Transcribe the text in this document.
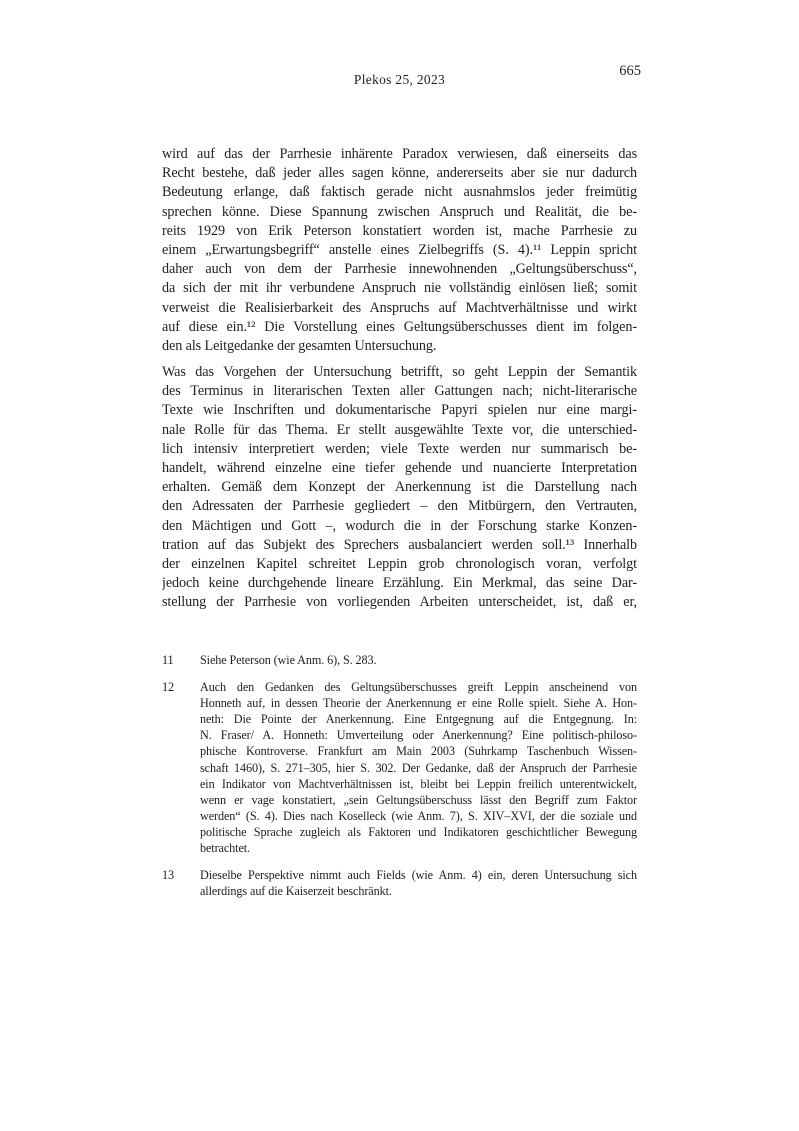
Plekos 25, 2023
665
wird auf das der Parrhesie inhärente Paradox verwiesen, daß einerseits das
Recht bestehe, daß jeder alles sagen könne, andererseits aber sie nur dadurch
Bedeutung erlange, daß faktisch gerade nicht ausnahmslos jeder freimütig
sprechen könne. Diese Spannung zwischen Anspruch und Realität, die be-
reits 1929 von Erik Peterson konstatiert worden ist, mache Parrhesie zu
einem „Erwartungsbegriff“ anstelle eines Zielbegriffs (S. 4).¹¹ Leppin spricht
daher auch von dem der Parrhesie innewohnenden „Geltungsüberschuss“,
da sich der mit ihr verbundene Anspruch nie vollständig einlösen ließ; somit
verweist die Realisierbarkeit des Anspruchs auf Machtverhältnisse und wirkt
auf diese ein.¹² Die Vorstellung eines Geltungsüberschusses dient im folgen-
den als Leitgedanke der gesamten Untersuchung.
Was das Vorgehen der Untersuchung betrifft, so geht Leppin der Semantik
des Terminus in literarischen Texten aller Gattungen nach; nicht-literarische
Texte wie Inschriften und dokumentarische Papyri spielen nur eine margi-
nale Rolle für das Thema. Er stellt ausgewählte Texte vor, die unterschied-
lich intensiv interpretiert werden; viele Texte werden nur summarisch be-
handelt, während einzelne eine tiefer gehende und nuancierte Interpretation
erhalten. Gemäß dem Konzept der Anerkennung ist die Darstellung nach
den Adressaten der Parrhesie gegliedert – den Mitbürgern, den Vertrauten,
den Mächtigen und Gott –, wodurch die in der Forschung starke Konzen-
tration auf das Subjekt des Sprechers ausbalanciert werden soll.¹³ Innerhalb
der einzelnen Kapitel schreitet Leppin grob chronologisch voran, verfolgt
jedoch keine durchgehende lineare Erzählung. Ein Merkmal, das seine Dar-
stellung der Parrhesie von vorliegenden Arbeiten unterscheidet, ist, daß er,
11	Siehe Peterson (wie Anm. 6), S. 283.
12	Auch den Gedanken des Geltungsüberschusses greift Leppin anscheinend von
Honneth auf, in dessen Theorie der Anerkennung er eine Rolle spielt. Siehe A. Hon-
neth: Die Pointe der Anerkennung. Eine Entgegnung auf die Entgegnung. In:
N. Fraser/ A. Honneth: Umverteilung oder Anerkennung? Eine politisch-philoso-
phische Kontroverse. Frankfurt am Main 2003 (Suhrkamp Taschenbuch Wissen-
schaft 1460), S. 271–305, hier S. 302. Der Gedanke, daß der Anspruch der Parrhesie
ein Indikator von Machtverhältnissen ist, bleibt bei Leppin freilich unterentwickelt,
wenn er vage konstatiert, „sein Geltungsüberschuss lässt den Begriff zum Faktor
werden“ (S. 4). Dies nach Koselleck (wie Anm. 7), S. XIV–XVI, der die soziale und
politische Sprache zugleich als Faktoren und Indikatoren geschichtlicher Bewegung
betrachtet.
13	Dieselbe Perspektive nimmt auch Fields (wie Anm. 4) ein, deren Untersuchung sich
allerdings auf die Kaiserzeit beschränkt.
